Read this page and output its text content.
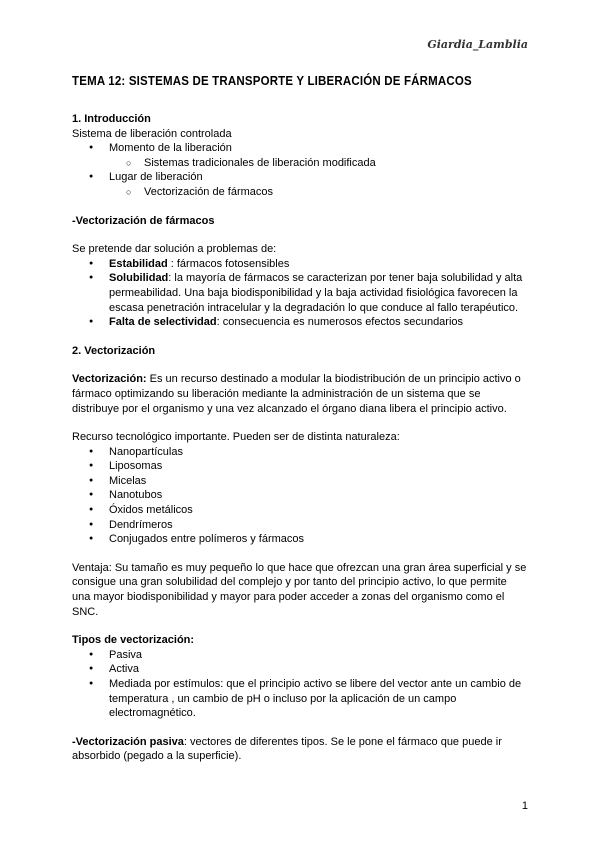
Giardia_Lamblia
TEMA 12: SISTEMAS DE TRANSPORTE Y LIBERACIÓN DE FÁRMACOS

1. Introducción

Sistema de liberación controlada

● Momento de la liberación
○ Sistemas tradicionales de liberación modificada
● Lugar de liberación
○ Vectorización de fármacos

-Vectorización de fármacos

Se pretende dar solución a problemas de:

● Estabilidad : fármacos fotosensibles
● Solubilidad: la mayoría de fármacos se caracterizan por tener baja solubilidad y alta permeabilidad. Una baja biodisponibilidad y la baja actividad fisiológica favorecen la escasa penetración intracelular y la degradación lo que conduce al fallo terapéutico.
● Falta de selectividad: consecuencia es numerosos efectos secundarios

2. Vectorización

Vectorización: Es un recurso destinado a modular la biodistribución de un principio activo o fármaco optimizando su liberación mediante la administración de un sistema que se distribuye por el organismo y una vez alcanzado el órgano diana libera el principio activo.

Recurso tecnológico importante. Pueden ser de distinta naturaleza:

● Nanopartículas
● Liposomas
● Micelas
● Nanotubos
● Óxidos metálicos
● Dendrímeros
● Conjugados entre polímeros y fármacos

Ventaja: Su tamaño es muy pequeño lo que hace que ofrezcan una gran área superficial y se consigue una gran solubilidad del complejo y por tanto del principio activo, lo que permite una mayor biodisponibilidad y mayor para poder acceder a zonas del organismo como el SNC.

Tipos de vectorización:

● Pasiva
● Activa
● Mediada por estímulos: que el principio activo se libere del vector ante un cambio de temperatura , un cambio de pH o incluso por la aplicación de un campo electromagnético.

-Vectorización pasiva: vectores de diferentes tipos. Se le pone el fármaco que puede ir absorbido (pegado a la superficie).

1
